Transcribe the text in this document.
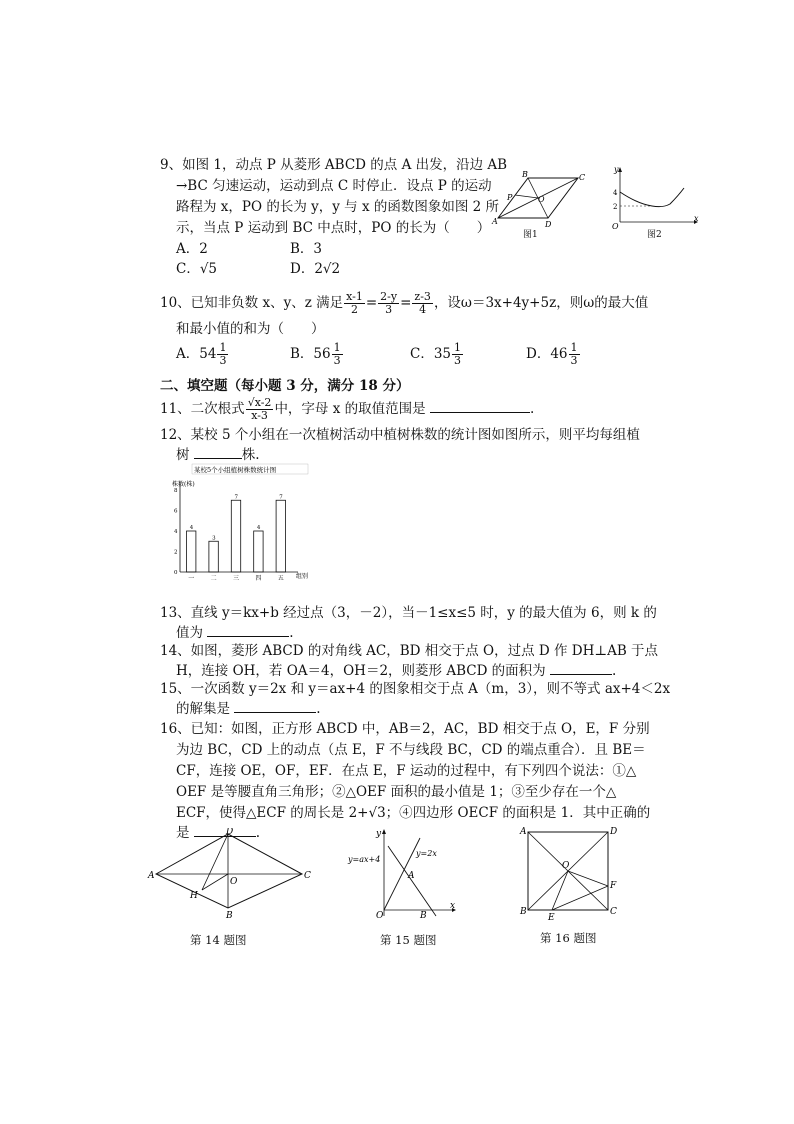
9、如图 1，动点 P 从菱形 ABCD 的点 A 出发，沿边 AB
→BC 匀速运动，运动到点 C 时停止．设点 P 的运动
路程为 x，PO 的长为 y，y 与 x 的函数图象如图 2 所
示，当点 P 运动到 BC 中点时，PO 的长为（　　）
A．2	B．3
C．√5	D．2√2
A
B	C
D
O
P
图1
y
x
O
4
2
图2
10、已知非负数 x、y、z 满足 $\frac{x-1}{2} = \frac{2-y}{3} = \frac{z-3}{4}$ ，设ω＝3x+4y+5z，则ω的最大值
和最小值的和为（　　）
A．$54 \frac{1}{3}$	B．$56 \frac{1}{3}$	C．$35 \frac{1}{3}$	D．$46 \frac{1}{3}$
二、填空题（每小题 3 分，满分 18 分）
11、二次根式 $\frac{√x-2}{x-3}$ 中，字母 x 的取值范围是	.
12、某校 5 个小组在一次植树活动中植树株数的统计图如图所示，则平均每组植
树	株.
某校5个小组植树株数统计图
株数(株)
0
2
4
6
8
4
一
3
二
7
三
4
四
7
五 组别
13、直线 y＝kx+b 经过点（3，－2），当－1≤x≤5 时，y 的最大值为 6，则 k 的
值为	.
14、如图，菱形 ABCD 的对角线 AC，BD 相交于点 O，过点 D 作 DH⊥AB 于点
H，连接 OH，若 OA＝4，OH＝2，则菱形 ABCD 的面积为	.
15、一次函数 y＝2x 和 y＝ax+4 的图象相交于点 A（m，3），则不等式 ax+4＜2x
的解集是	.
16、已知：如图，正方形 ABCD 中，AB＝2，AC，BD 相交于点 O，E，F 分别
为边 BC，CD 上的动点（点 E，F 不与线段 BC，CD 的端点重合）．且 BE＝
CF，连接 OE，OF，EF．在点 E，F 运动的过程中，有下列四个说法：①△
OEF 是等腰直角三角形；②△OEF 面积的最小值是 1；③至少存在一个△
ECF，使得△ECF 的周长是 2+√3；④四边形 OECF 的面积是 1．其中正确的
是	.
A
B
C
D
O
H
第 14 题图
y
x
O
A
B
y=ax+4
y=2x
第 15 题图
A
B	C
D
O
E
F
第 16 题图
